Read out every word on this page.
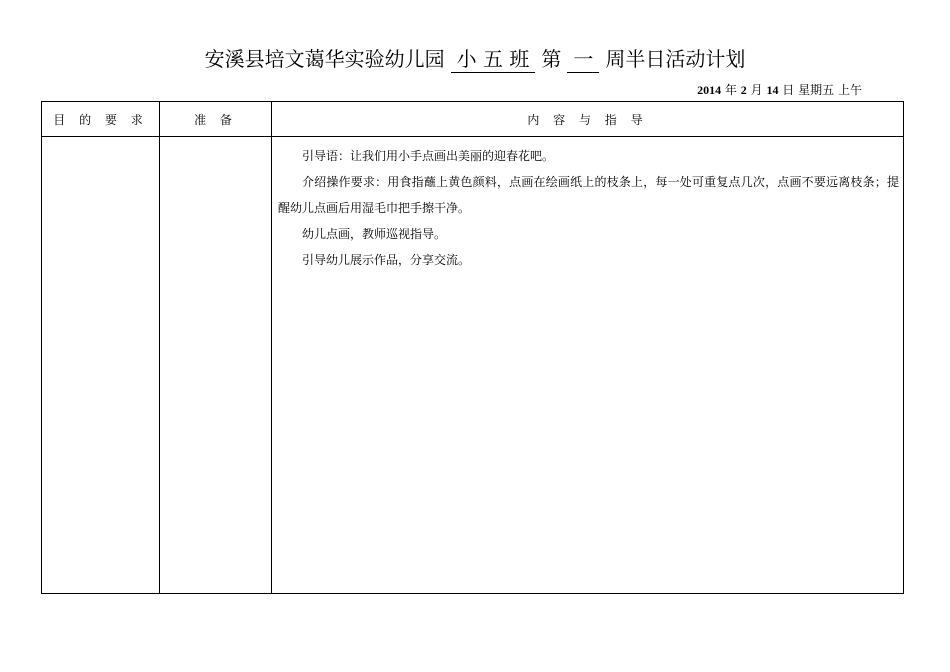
安溪县培文蔼华实验幼儿园 小 五 班 第 一 周半日活动计划
2014 年 2 月 14 日 星期五 上午
目 的 要 求	准 备	内 容 与 指 导

		引导语：让我们用小手点画出美丽的迎春花吧。

介绍操作要求：用食指蘸上黄色颜料，点画在绘画纸上的枝条上，每一处可重复点几次，点画不要远离枝条；提醒幼儿点画后用湿毛巾把手擦干净。

幼儿点画，教师巡视指导。

引导幼儿展示作品，分享交流。
